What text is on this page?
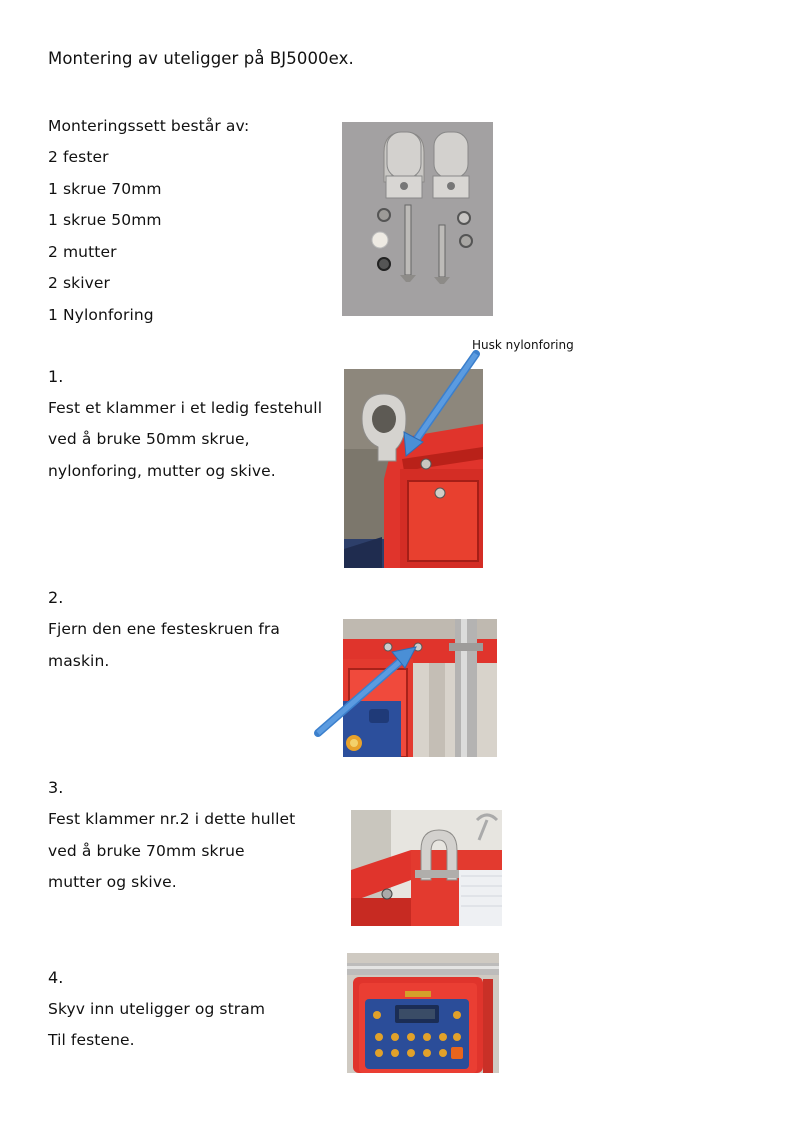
Montering av uteligger på BJ5000ex.
Monteringssett består av:
2 fester
1 skrue 70mm
1 skrue 50mm
2 mutter
2 skiver
1 Nylonforing
Husk nylonforing
1.
Fest et klammer i et ledig festehull
ved å bruke 50mm skrue,
nylonforing, mutter og skive.
2.
Fjern den ene festeskruen fra
maskin.
3.
Fest klammer nr.2 i dette hullet
ved å bruke 70mm skrue
mutter og skive.
4.
Skyv inn uteligger og stram
Til festene.
